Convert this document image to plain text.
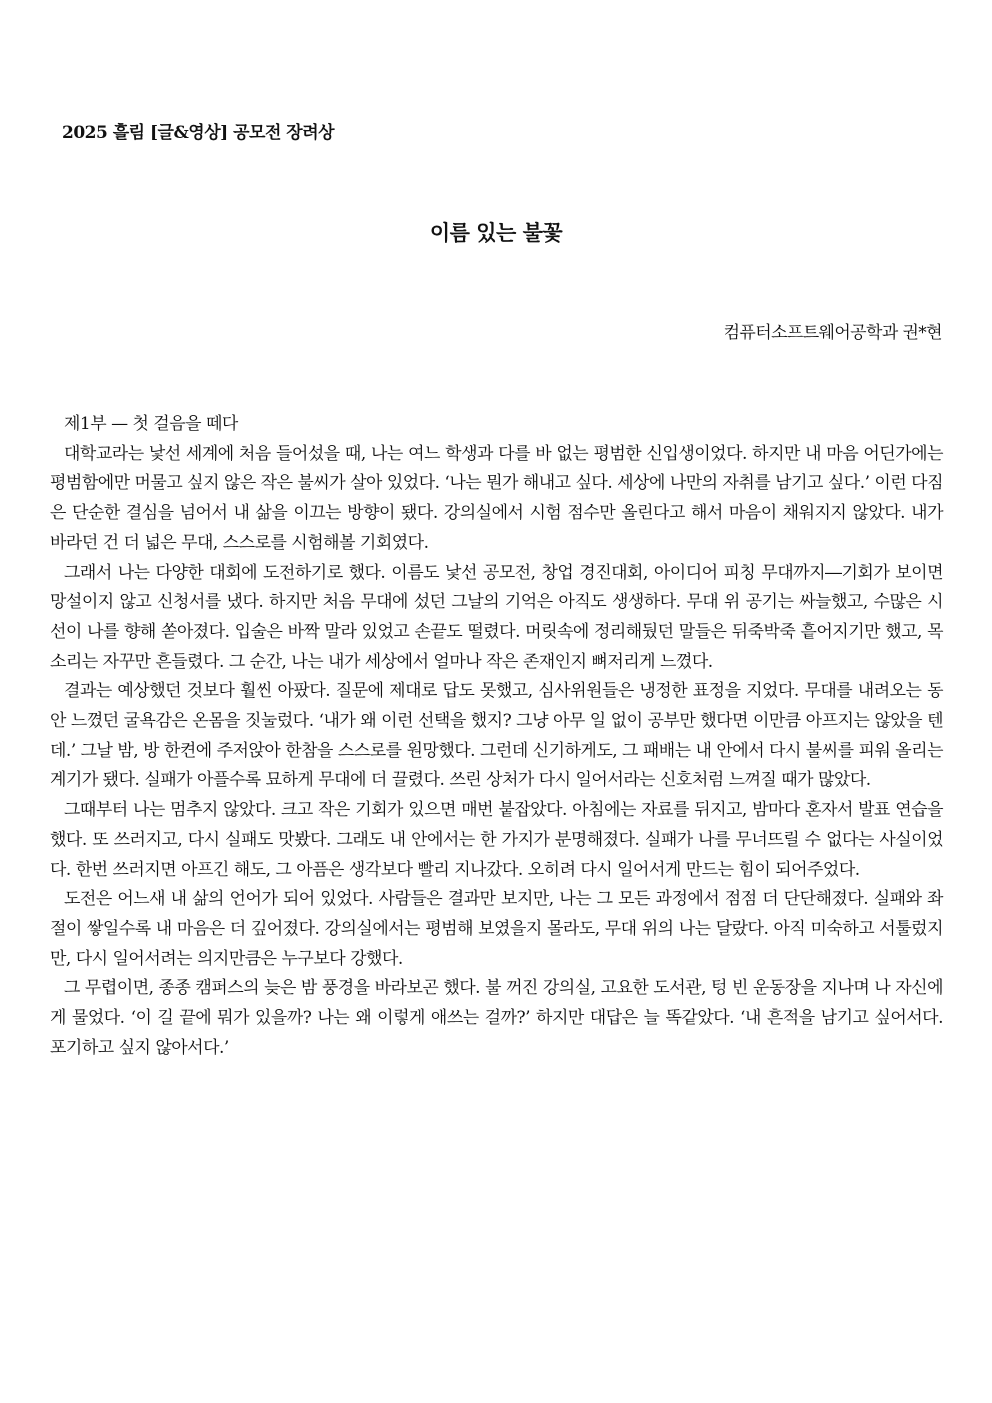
2025 흘림 [글&영상] 공모전 장려상

이름 있는 불꽃

컴퓨터소프트웨어공학과 권*현

제1부 — 첫 걸음을 떼다

대학교라는 낯선 세계에 처음 들어섰을 때, 나는 여느 학생과 다를 바 없는 평범한 신입생이었다. 하지만 내 마음 어딘가에는 평범함에만 머물고 싶지 않은 작은 불씨가 살아 있었다. ‘나는 뭔가 해내고 싶다. 세상에 나만의 자취를 남기고 싶다.’ 이런 다짐은 단순한 결심을 넘어서 내 삶을 이끄는 방향이 됐다. 강의실에서 시험 점수만 올린다고 해서 마음이 채워지지 않았다. 내가 바라던 건 더 넓은 무대, 스스로를 시험해볼 기회였다.

그래서 나는 다양한 대회에 도전하기로 했다. 이름도 낯선 공모전, 창업 경진대회, 아이디어 피칭 무대까지―기회가 보이면 망설이지 않고 신청서를 냈다. 하지만 처음 무대에 섰던 그날의 기억은 아직도 생생하다. 무대 위 공기는 싸늘했고, 수많은 시선이 나를 향해 쏟아졌다. 입술은 바짝 말라 있었고 손끝도 떨렸다. 머릿속에 정리해뒀던 말들은 뒤죽박죽 흩어지기만 했고, 목소리는 자꾸만 흔들렸다. 그 순간, 나는 내가 세상에서 얼마나 작은 존재인지 뼈저리게 느꼈다.

결과는 예상했던 것보다 훨씬 아팠다. 질문에 제대로 답도 못했고, 심사위원들은 냉정한 표정을 지었다. 무대를 내려오는 동안 느꼈던 굴욕감은 온몸을 짓눌렀다. ‘내가 왜 이런 선택을 했지? 그냥 아무 일 없이 공부만 했다면 이만큼 아프지는 않았을 텐데.’ 그날 밤, 방 한켠에 주저앉아 한참을 스스로를 원망했다. 그런데 신기하게도, 그 패배는 내 안에서 다시 불씨를 피워 올리는 계기가 됐다. 실패가 아플수록 묘하게 무대에 더 끌렸다. 쓰린 상처가 다시 일어서라는 신호처럼 느껴질 때가 많았다.

그때부터 나는 멈추지 않았다. 크고 작은 기회가 있으면 매번 붙잡았다. 아침에는 자료를 뒤지고, 밤마다 혼자서 발표 연습을 했다. 또 쓰러지고, 다시 실패도 맛봤다. 그래도 내 안에서는 한 가지가 분명해졌다. 실패가 나를 무너뜨릴 수 없다는 사실이었다. 한번 쓰러지면 아프긴 해도, 그 아픔은 생각보다 빨리 지나갔다. 오히려 다시 일어서게 만드는 힘이 되어주었다.

도전은 어느새 내 삶의 언어가 되어 있었다. 사람들은 결과만 보지만, 나는 그 모든 과정에서 점점 더 단단해졌다. 실패와 좌절이 쌓일수록 내 마음은 더 깊어졌다. 강의실에서는 평범해 보였을지 몰라도, 무대 위의 나는 달랐다. 아직 미숙하고 서툴렀지만, 다시 일어서려는 의지만큼은 누구보다 강했다.

그 무렵이면, 종종 캠퍼스의 늦은 밤 풍경을 바라보곤 했다. 불 꺼진 강의실, 고요한 도서관, 텅 빈 운동장을 지나며 나 자신에게 물었다. ‘이 길 끝에 뭐가 있을까? 나는 왜 이렇게 애쓰는 걸까?’ 하지만 대답은 늘 똑같았다. ‘내 흔적을 남기고 싶어서다. 포기하고 싶지 않아서다.’
